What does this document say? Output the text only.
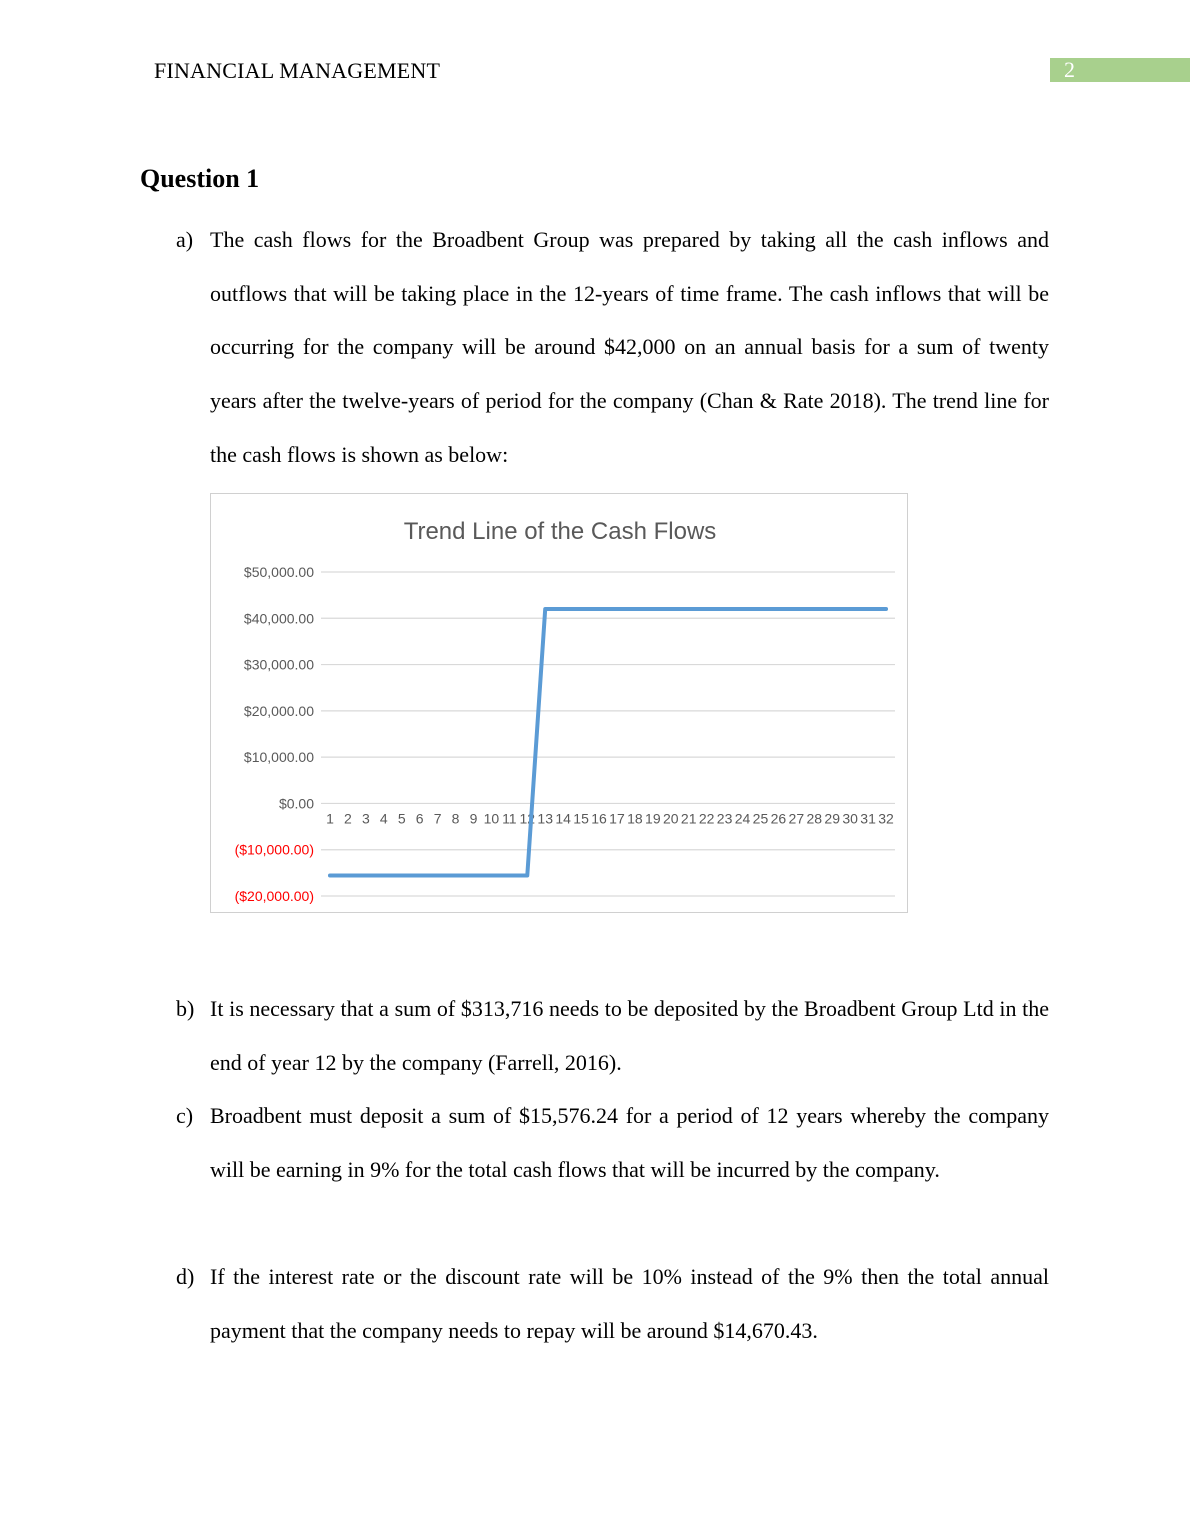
FINANCIAL MANAGEMENT	2
Question 1
a) The cash flows for the Broadbent Group was prepared by taking all the cash inflows and outflows that will be taking place in the 12-years of time frame. The cash inflows that will be occurring for the company will be around $42,000 on an annual basis for a sum of twenty years after the twelve-years of period for the company (Chan & Rate 2018). The trend line for the cash flows is shown as below:
Trend Line of the Cash Flows
$50,000.00
$40,000.00
$30,000.00
$20,000.00
$10,000.00
$0.00
($10,000.00)
($20,000.00)
1 2 3 4 5 6 7 8 9 10 11 12 13 14 15 16 17 18 19 20 21 22 23 24 25 26 27 28 29 30 31 32
b) It is necessary that a sum of $313,716 needs to be deposited by the Broadbent Group Ltd in the end of year 12 by the company (Farrell, 2016).
c) Broadbent must deposit a sum of $15,576.24 for a period of 12 years whereby the company will be earning in 9% for the total cash flows that will be incurred by the company.
d) If the interest rate or the discount rate will be 10% instead of the 9% then the total annual payment that the company needs to repay will be around $14,670.43.
